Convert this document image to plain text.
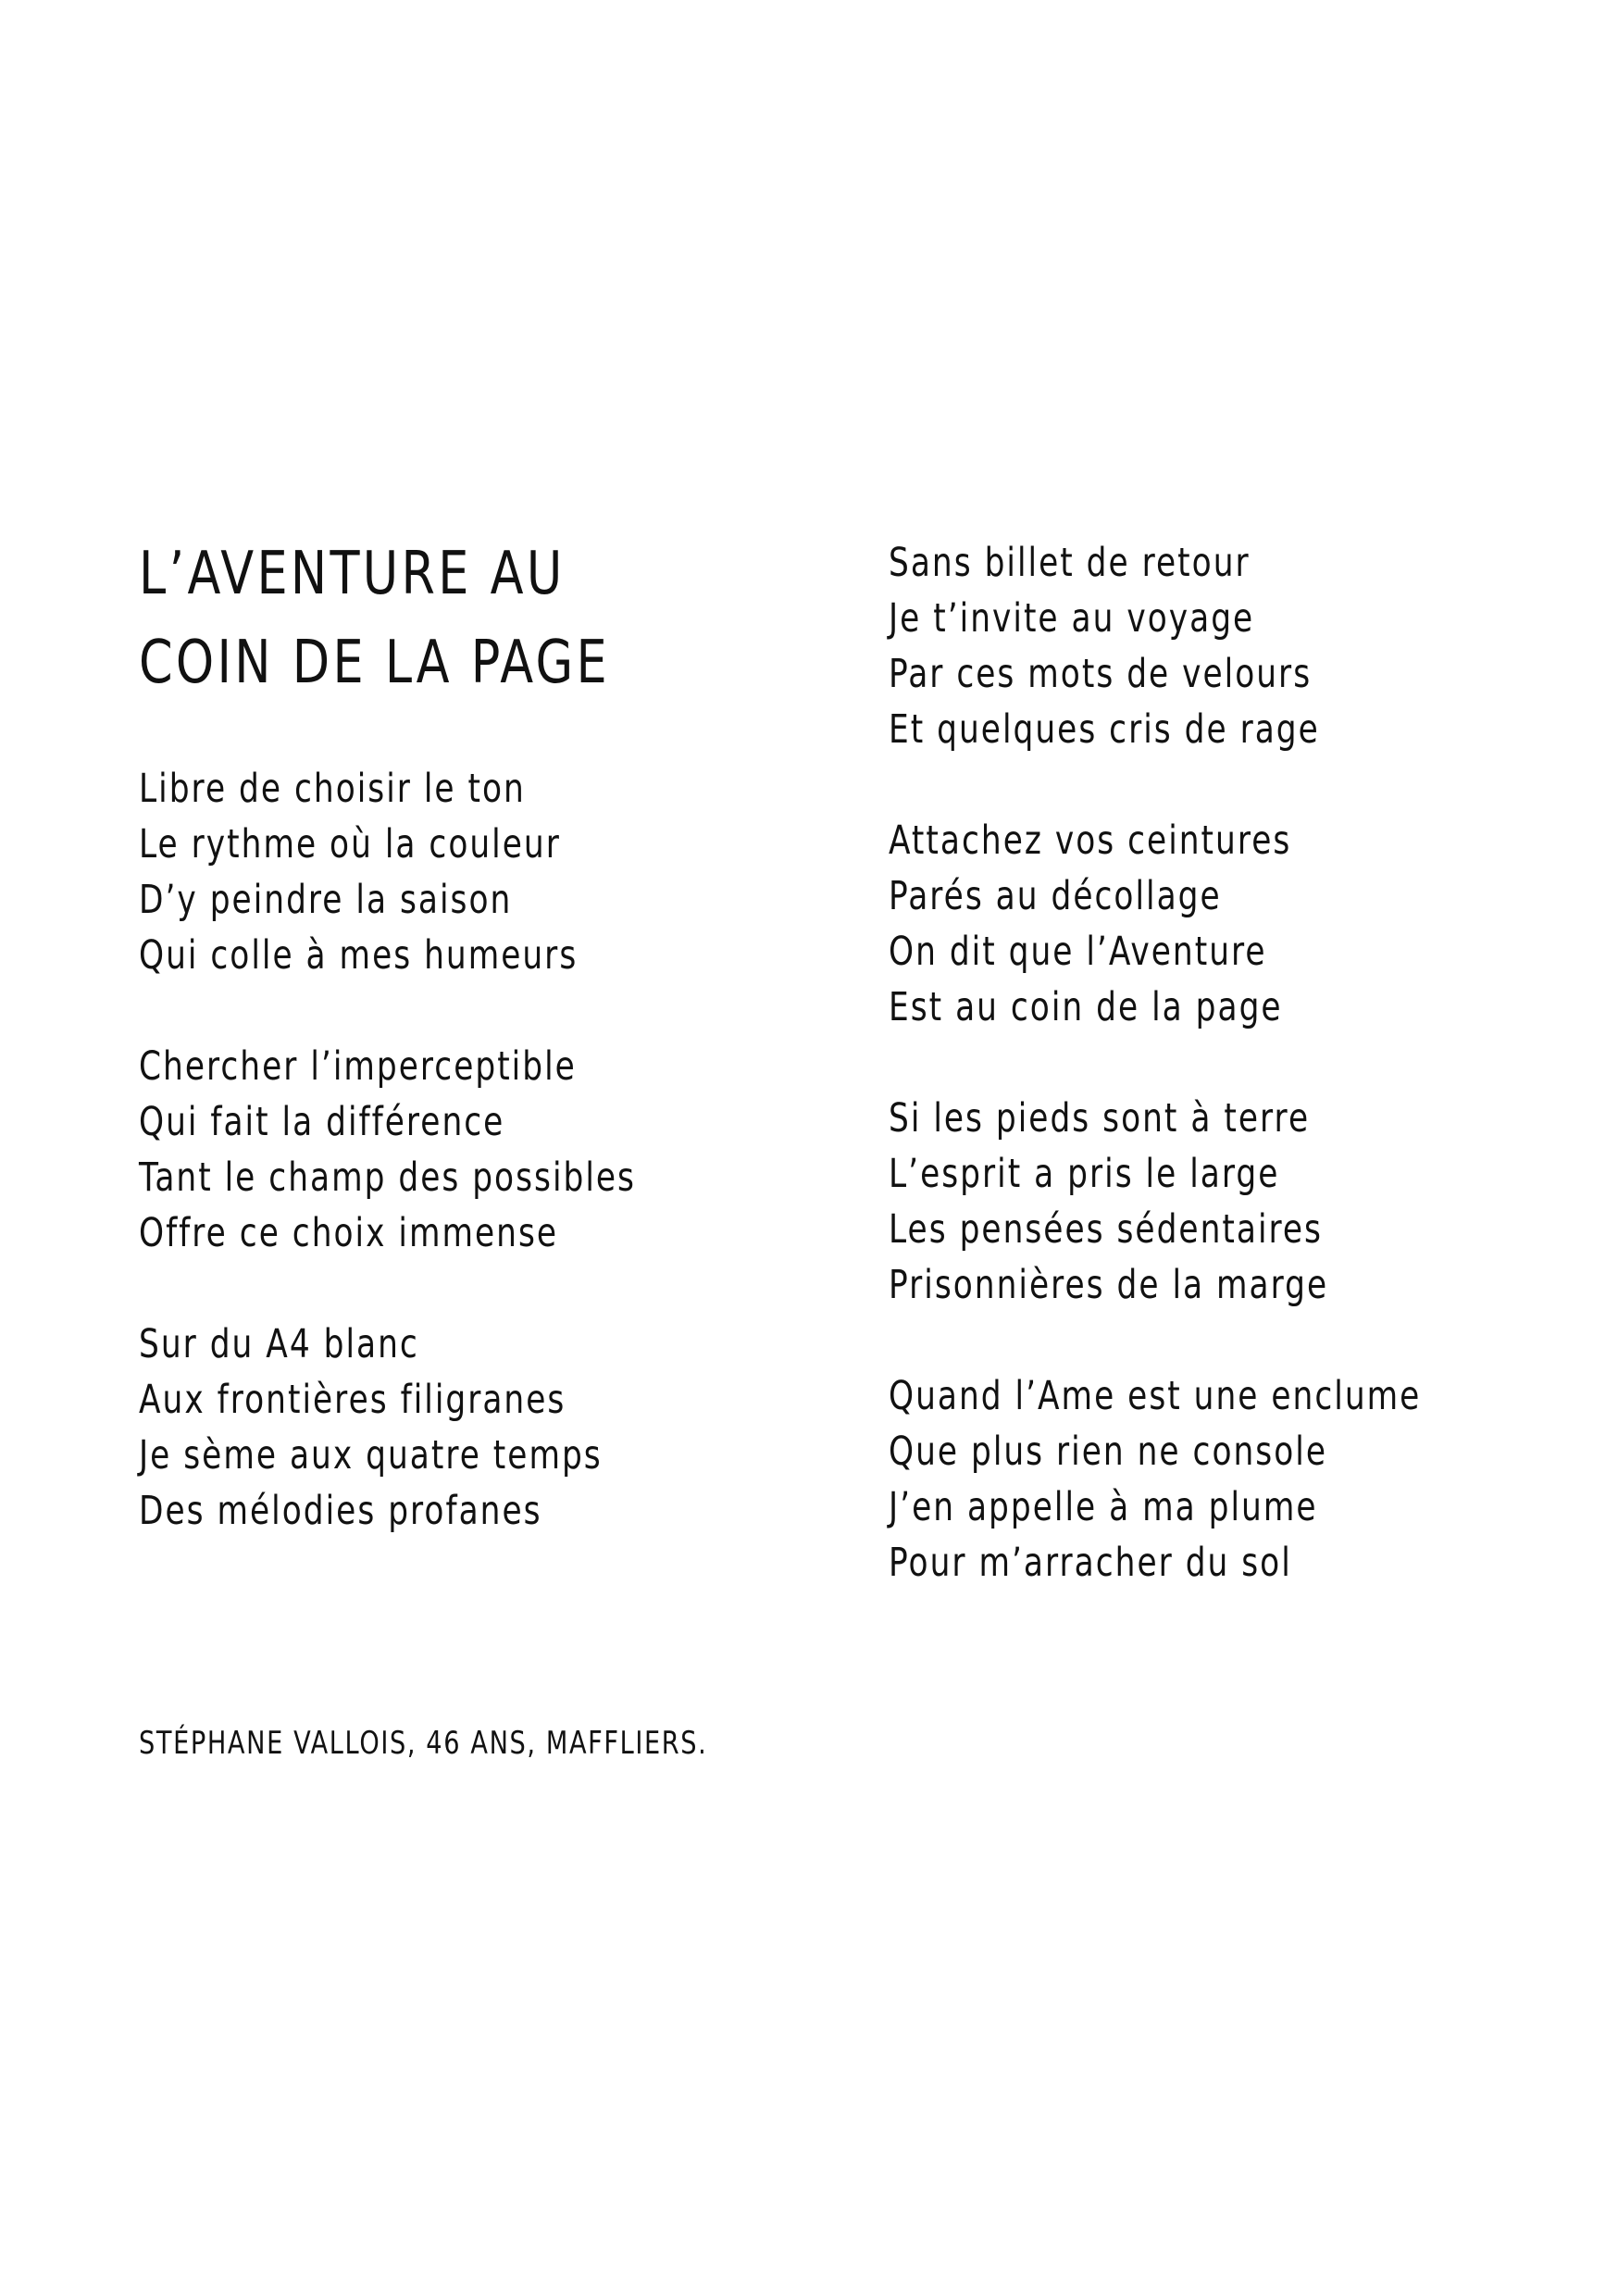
L’AVENTURE AU
COIN DE LA PAGE
Libre de choisir le ton
Le rythme où la couleur
D’y peindre la saison
Qui colle à mes humeurs
Chercher l’imperceptible
Qui fait la différence
Tant le champ des possibles
Offre ce choix immense
Sur du A4 blanc
Aux frontières filigranes
Je sème aux quatre temps
Des mélodies profanes
Sans billet de retour
Je t’invite au voyage
Par ces mots de velours
Et quelques cris de rage
Attachez vos ceintures
Parés au décollage
On dit que l’Aventure
Est au coin de la page
Si les pieds sont à terre
L’esprit a pris le large
Les pensées sédentaires
Prisonnières de la marge
Quand l’Ame est une enclume
Que plus rien ne console
J’en appelle à ma plume
Pour m’arracher du sol

STÉPHANE VALLOIS, 46 ANS, MAFFLIERS.
